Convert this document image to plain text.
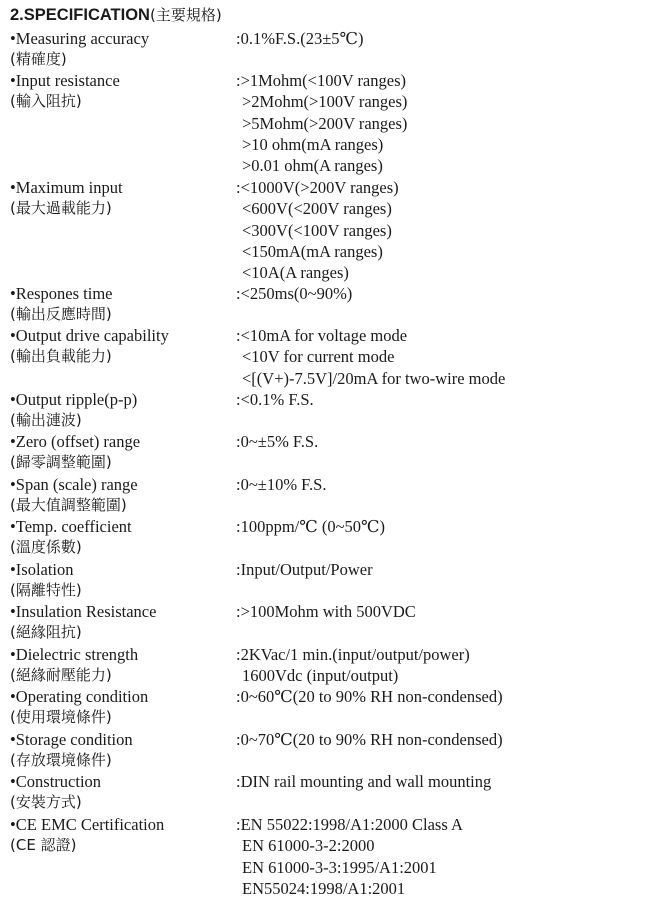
2.SPECIFICATION(主要規格)
•Measuring accuracy
(精確度)
:0.1%F.S.(23±5℃)
•Input resistance
(輸入阻抗)
:>1Mohm(<100V ranges)
>2Mohm(>100V ranges)
>5Mohm(>200V ranges)
>10 ohm(mA ranges)
>0.01 ohm(A ranges)
•Maximum input
(最大過載能力)
:<1000V(>200V ranges)
<600V(<200V ranges)
<300V(<100V ranges)
<150mA(mA ranges)
<10A(A ranges)
•Respones time
(輸出反應時間)
:<250ms(0~90%)
•Output drive capability
(輸出負載能力)
:<10mA for voltage mode
<10V for current mode
<[(V+)-7.5V]/20mA for two-wire mode
•Output ripple(p-p)
(輸出漣波)
:<0.1% F.S.
•Zero (offset) range
(歸零調整範圍)
:0~±5% F.S.
•Span (scale) range
(最大值調整範圍)
:0~±10% F.S.
•Temp. coefficient
(溫度係數)
:100ppm/℃ (0~50℃)
•Isolation
(隔離特性)
:Input/Output/Power
•Insulation Resistance
(絕緣阻抗)
:>100Mohm with 500VDC
•Dielectric strength
(絕緣耐壓能力)
:2KVac/1 min.(input/output/power)
1600Vdc (input/output)
•Operating condition
(使用環境條件)
:0~60℃(20 to 90% RH non-condensed)
•Storage condition
(存放環境條件)
:0~70℃(20 to 90% RH non-condensed)
•Construction
(安裝方式)
:DIN rail mounting and wall mounting
•CE EMC Certification
(CE 認證)
:EN 55022:1998/A1:2000 Class A
EN 61000-3-2:2000
EN 61000-3-3:1995/A1:2001
EN55024:1998/A1:2001
